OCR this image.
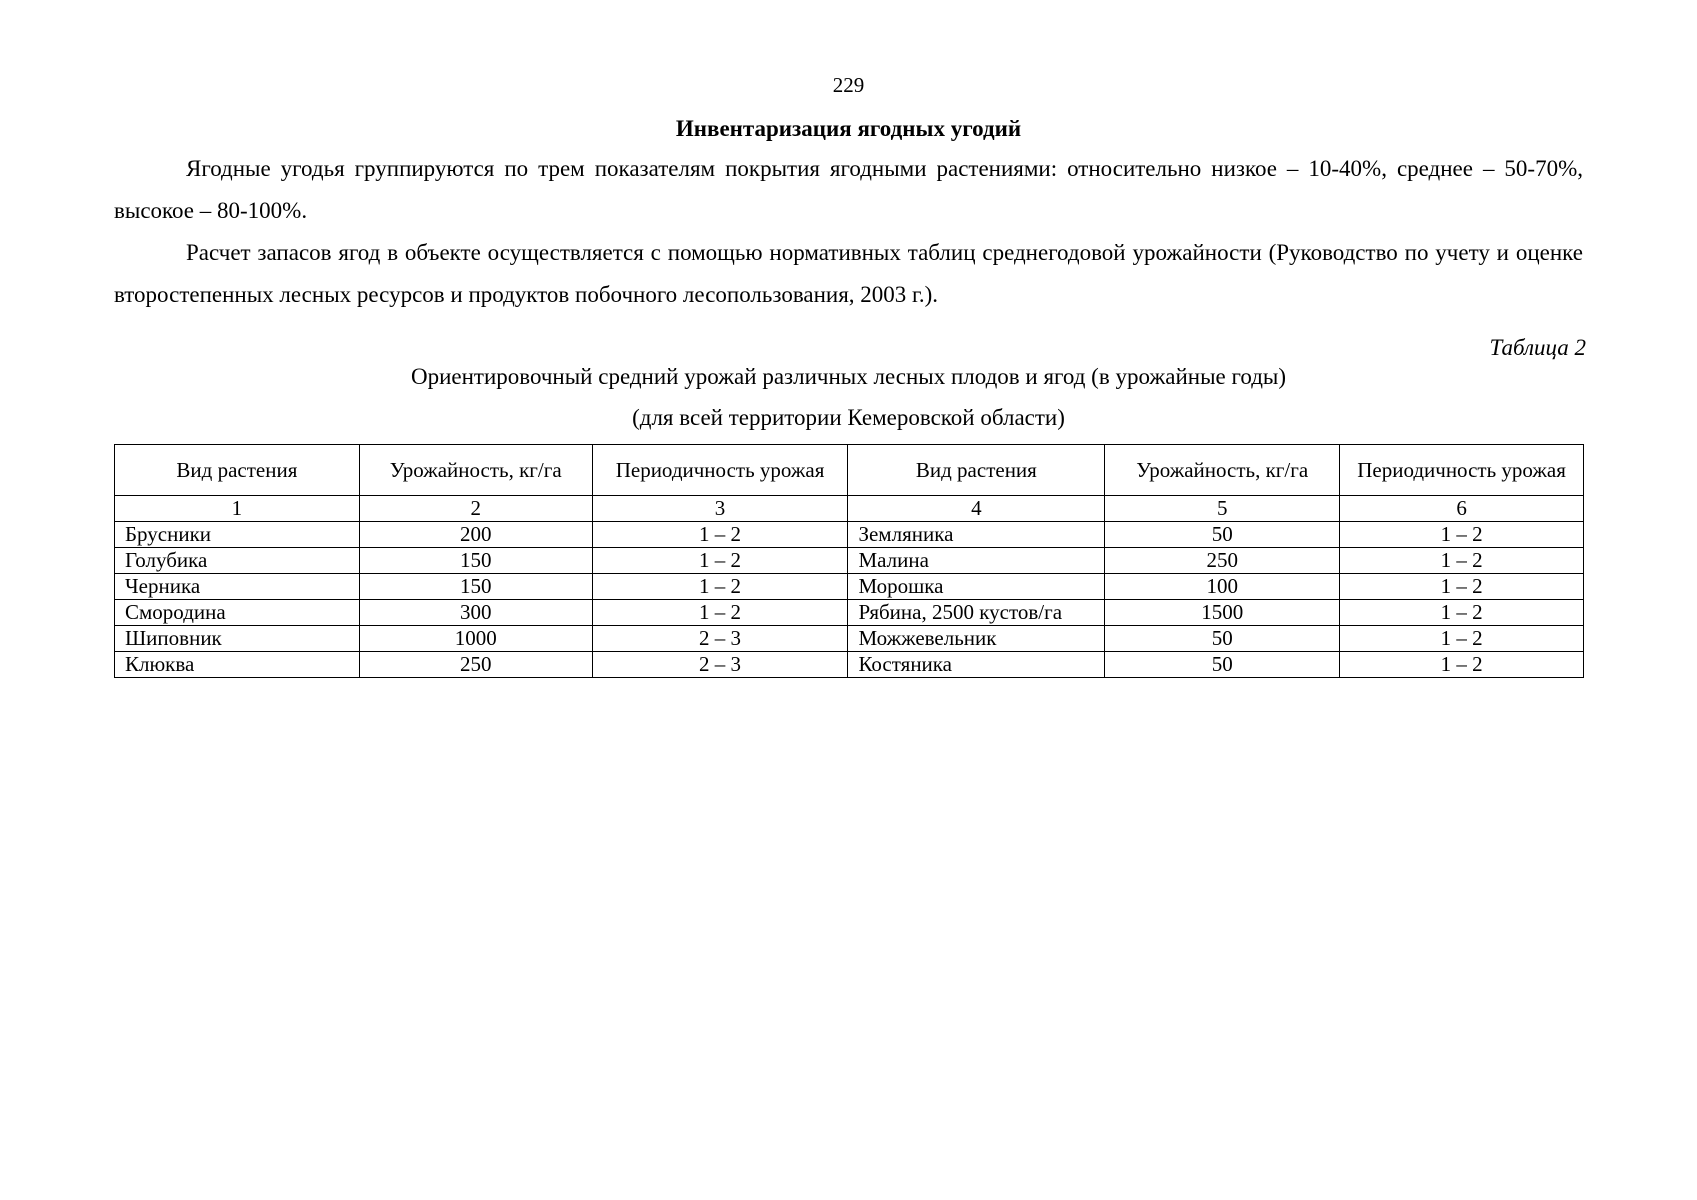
229
Инвентаризация ягодных угодий

Ягодные угодья группируются по трем показателям покрытия ягодными растениями: относительно низкое – 10-40%, среднее – 50-70%, высокое – 80-100%.

Расчет запасов ягод в объекте осуществляется с помощью нормативных таблиц среднегодовой урожайности (Руководство по учету и оценке второстепенных лесных ресурсов и продуктов побочного лесопользования, 2003 г.).

Таблица 2
Ориентировочный средний урожай различных лесных плодов и ягод (в урожайные годы)
(для всей территории Кемеровской области)
Вид растения	Урожайность, кг/га	Периодичность урожая	Вид растения	Урожайность, кг/га	Периодичность урожая
1	2	3	4	5	6
Брусники	200	1 – 2	Земляника	50	1 – 2
Голубика	150	1 – 2	Малина	250	1 – 2
Черника	150	1 – 2	Морошка	100	1 – 2
Смородина	300	1 – 2	Рябина, 2500 кустов/га	1500	1 – 2
Шиповник	1000	2 – 3	Можжевельник	50	1 – 2
Клюква	250	2 – 3	Костяника	50	1 – 2
